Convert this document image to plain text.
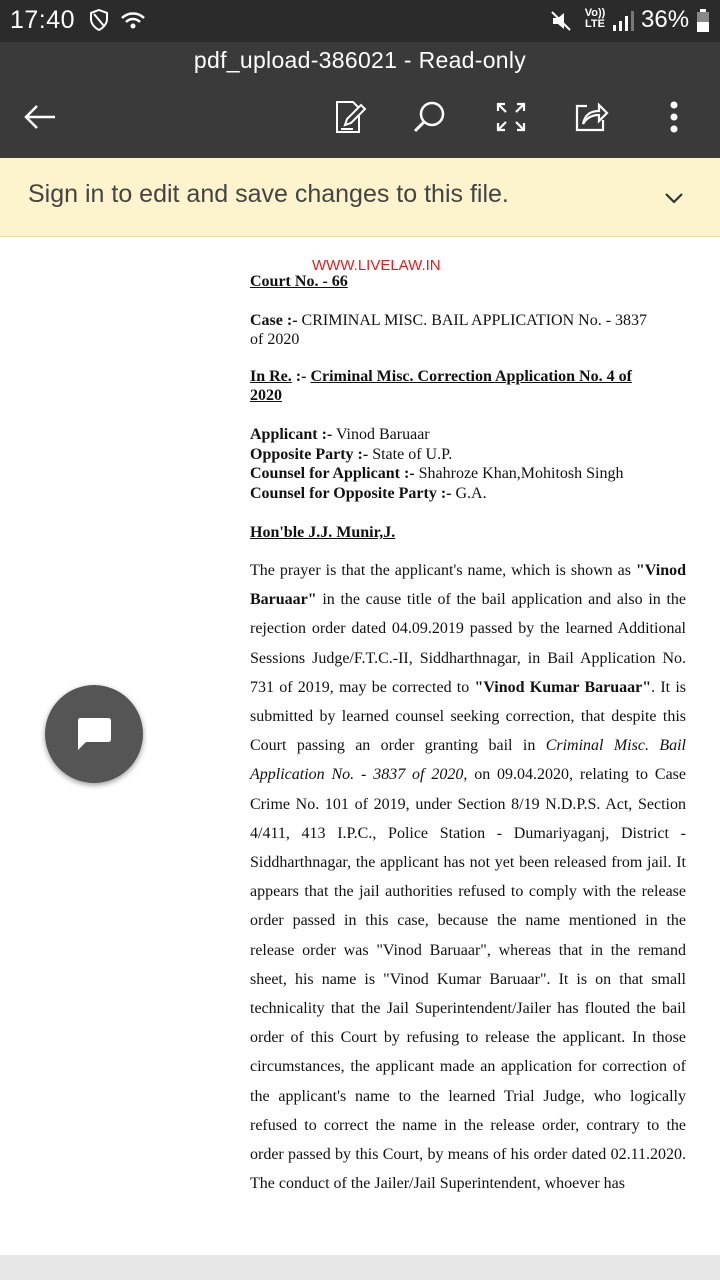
17:40	Vo))
LTE 36%
pdf_upload-386021 - Read-only
Sign in to edit and save changes to this file.
WWW.LIVELAW.IN
Court No. - 66
Case :- CRIMINAL MISC. BAIL APPLICATION No. - 3837
of 2020
In Re. :- Criminal Misc. Correction Application No. 4 of
2020
Applicant :- Vinod Baruaar
Opposite Party :- State of U.P.
Counsel for Applicant :- Shahroze Khan,Mohitosh Singh
Counsel for Opposite Party :- G.A.
Hon'ble J.J. Munir,J.

The prayer is that the applicant's name, which is shown as "Vinod Baruaar" in the cause title of the bail application and also in the rejection order dated 04.09.2019 passed by the learned Additional Sessions Judge/F.T.C.-II, Siddharthnagar, in Bail Application No. 731 of 2019, may be corrected to "Vinod Kumar Baruaar". It is submitted by learned counsel seeking correction, that despite this Court passing an order granting bail in Criminal Misc. Bail Application No. - 3837 of 2020, on 09.04.2020, relating to Case Crime No. 101 of 2019, under Section 8/19 N.D.P.S. Act, Section 4/411, 413 I.P.C., Police Station - Dumariyaganj, District - Siddharthnagar, the applicant has not yet been released from jail. It appears that the jail authorities refused to comply with the release order passed in this case, because the name mentioned in the release order was "Vinod Baruaar", whereas that in the remand sheet, his name is "Vinod Kumar Baruaar". It is on that small technicality that the Jail Superintendent/Jailer has flouted the bail order of this Court by refusing to release the applicant. In those circumstances, the applicant made an application for correction of the applicant's name to the learned Trial Judge, who logically refused to correct the name in the release order, contrary to the order passed by this Court, by means of his order dated 02.11.2020. The conduct of the Jailer/Jail Superintendent, whoever has
